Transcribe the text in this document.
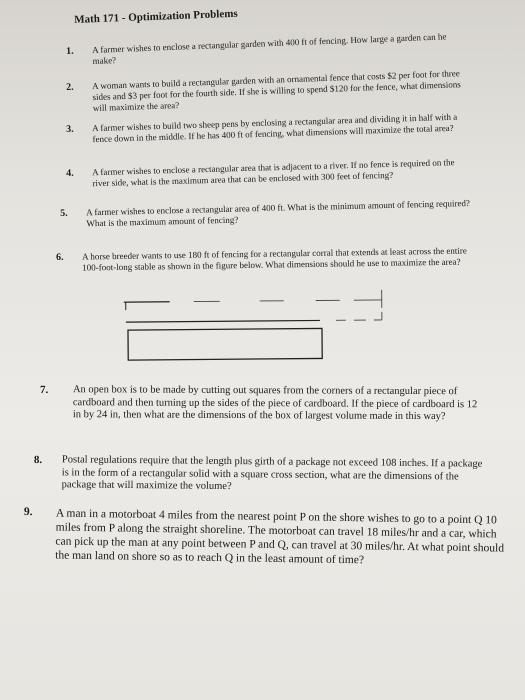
Math 171 - Optimization Problems
1. A farmer wishes to enclose a rectangular garden with 400 ft of fencing. How large a garden can he make?
2. A woman wants to build a rectangular garden with an ornamental fence that costs $2 per foot for three sides and $3 per foot for the fourth side. If she is willing to spend $120 for the fence, what dimensions will maximize the area?
3. A farmer wishes to build two sheep pens by enclosing a rectangular area and dividing it in half with a fence down in the middle. If he has 400 ft of fencing, what dimensions will maximize the total area?
4. A farmer wishes to enclose a rectangular area that is adjacent to a river. If no fence is required on the river side, what is the maximum area that can be enclosed with 300 feet of fencing?
5. A farmer wishes to enclose a rectangular area of 400 ft. What is the minimum amount of fencing required? What is the maximum amount of fencing?
6. A horse breeder wants to use 180 ft of fencing for a rectangular corral that extends at least across the entire 100-foot-long stable as shown in the figure below. What dimensions should he use to maximize the area?
7. An open box is to be made by cutting out squares from the corners of a rectangular piece of cardboard and then turning up the sides of the piece of cardboard. If the piece of cardboard is 12 in by 24 in, then what are the dimensions of the box of largest volume made in this way?
8. Postal regulations require that the length plus girth of a package not exceed 108 inches. If a package is in the form of a rectangular solid with a square cross section, what are the dimensions of the package that will maximize the volume?
9. A man in a motorboat 4 miles from the nearest point P on the shore wishes to go to a point Q 10 miles from P along the straight shoreline. The motorboat can travel 18 miles/hr and a car, which can pick up the man at any point between P and Q, can travel at 30 miles/hr. At what point should the man land on shore so as to reach Q in the least amount of time?
